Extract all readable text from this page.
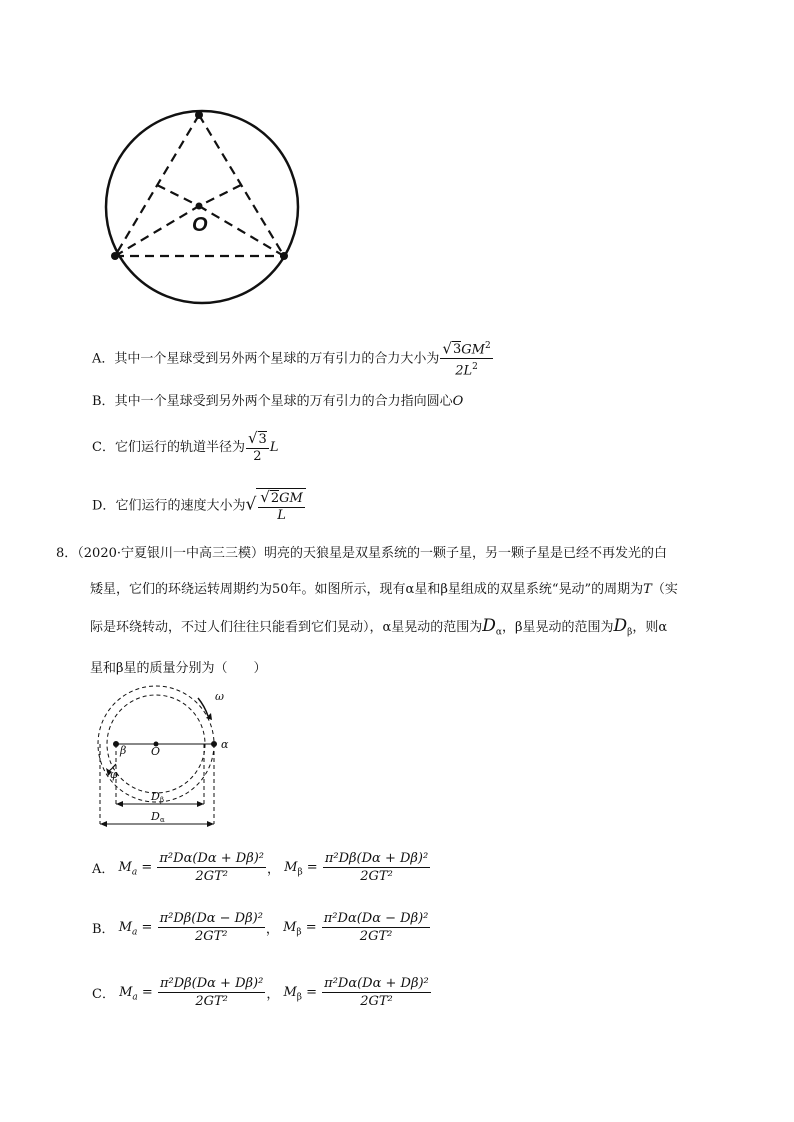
O
A．其中一个星球受到另外两个星球的万有引力的合力大小为 $\frac{√3GM^2}{2L^2}$
B．其中一个星球受到另外两个星球的万有引力的合力指向圆心O
C．它们运行的轨道半径为 $\frac{√3}{2}$ L
D．它们运行的速度大小为√ $\frac{√2GM}{L}$
8．（2020·宁夏银川一中高三三模）明亮的天狼星是双星系统的一颗子星，另一颗子星是已经不再发光的白
矮星，它们的环绕运转周期约为50年。如图所示，现有α星和β星组成的双星系统“晃动”的周期为T（实
际是环绕转动，不过人们往往只能看到它们晃动），α星晃动的范围为$D_\alpha$，β星晃动的范围为$D_\beta$，则α
星和β星的质量分别为（　　）
ω
β O
α
φ
D β
D α
A． $M_a = \frac{\text{π²Dα(Dα + Dβ)²}}{\text{2GT²}}$ ， $M_\beta = \frac{\text{π²Dβ(Dα + Dβ)²}}{\text{2GT²}}$
B． $M_a = \frac{\text{π²Dβ(Dα − Dβ)²}}{\text{2GT²}}$ ， $M_\beta = \frac{\text{π²Dα(Dα − Dβ)²}}{\text{2GT²}}$
C． $M_a = \frac{\text{π²Dβ(Dα + Dβ)²}}{\text{2GT²}}$ ， $M_\beta = \frac{\text{π²Dα(Dα + Dβ)²}}{\text{2GT²}}$
